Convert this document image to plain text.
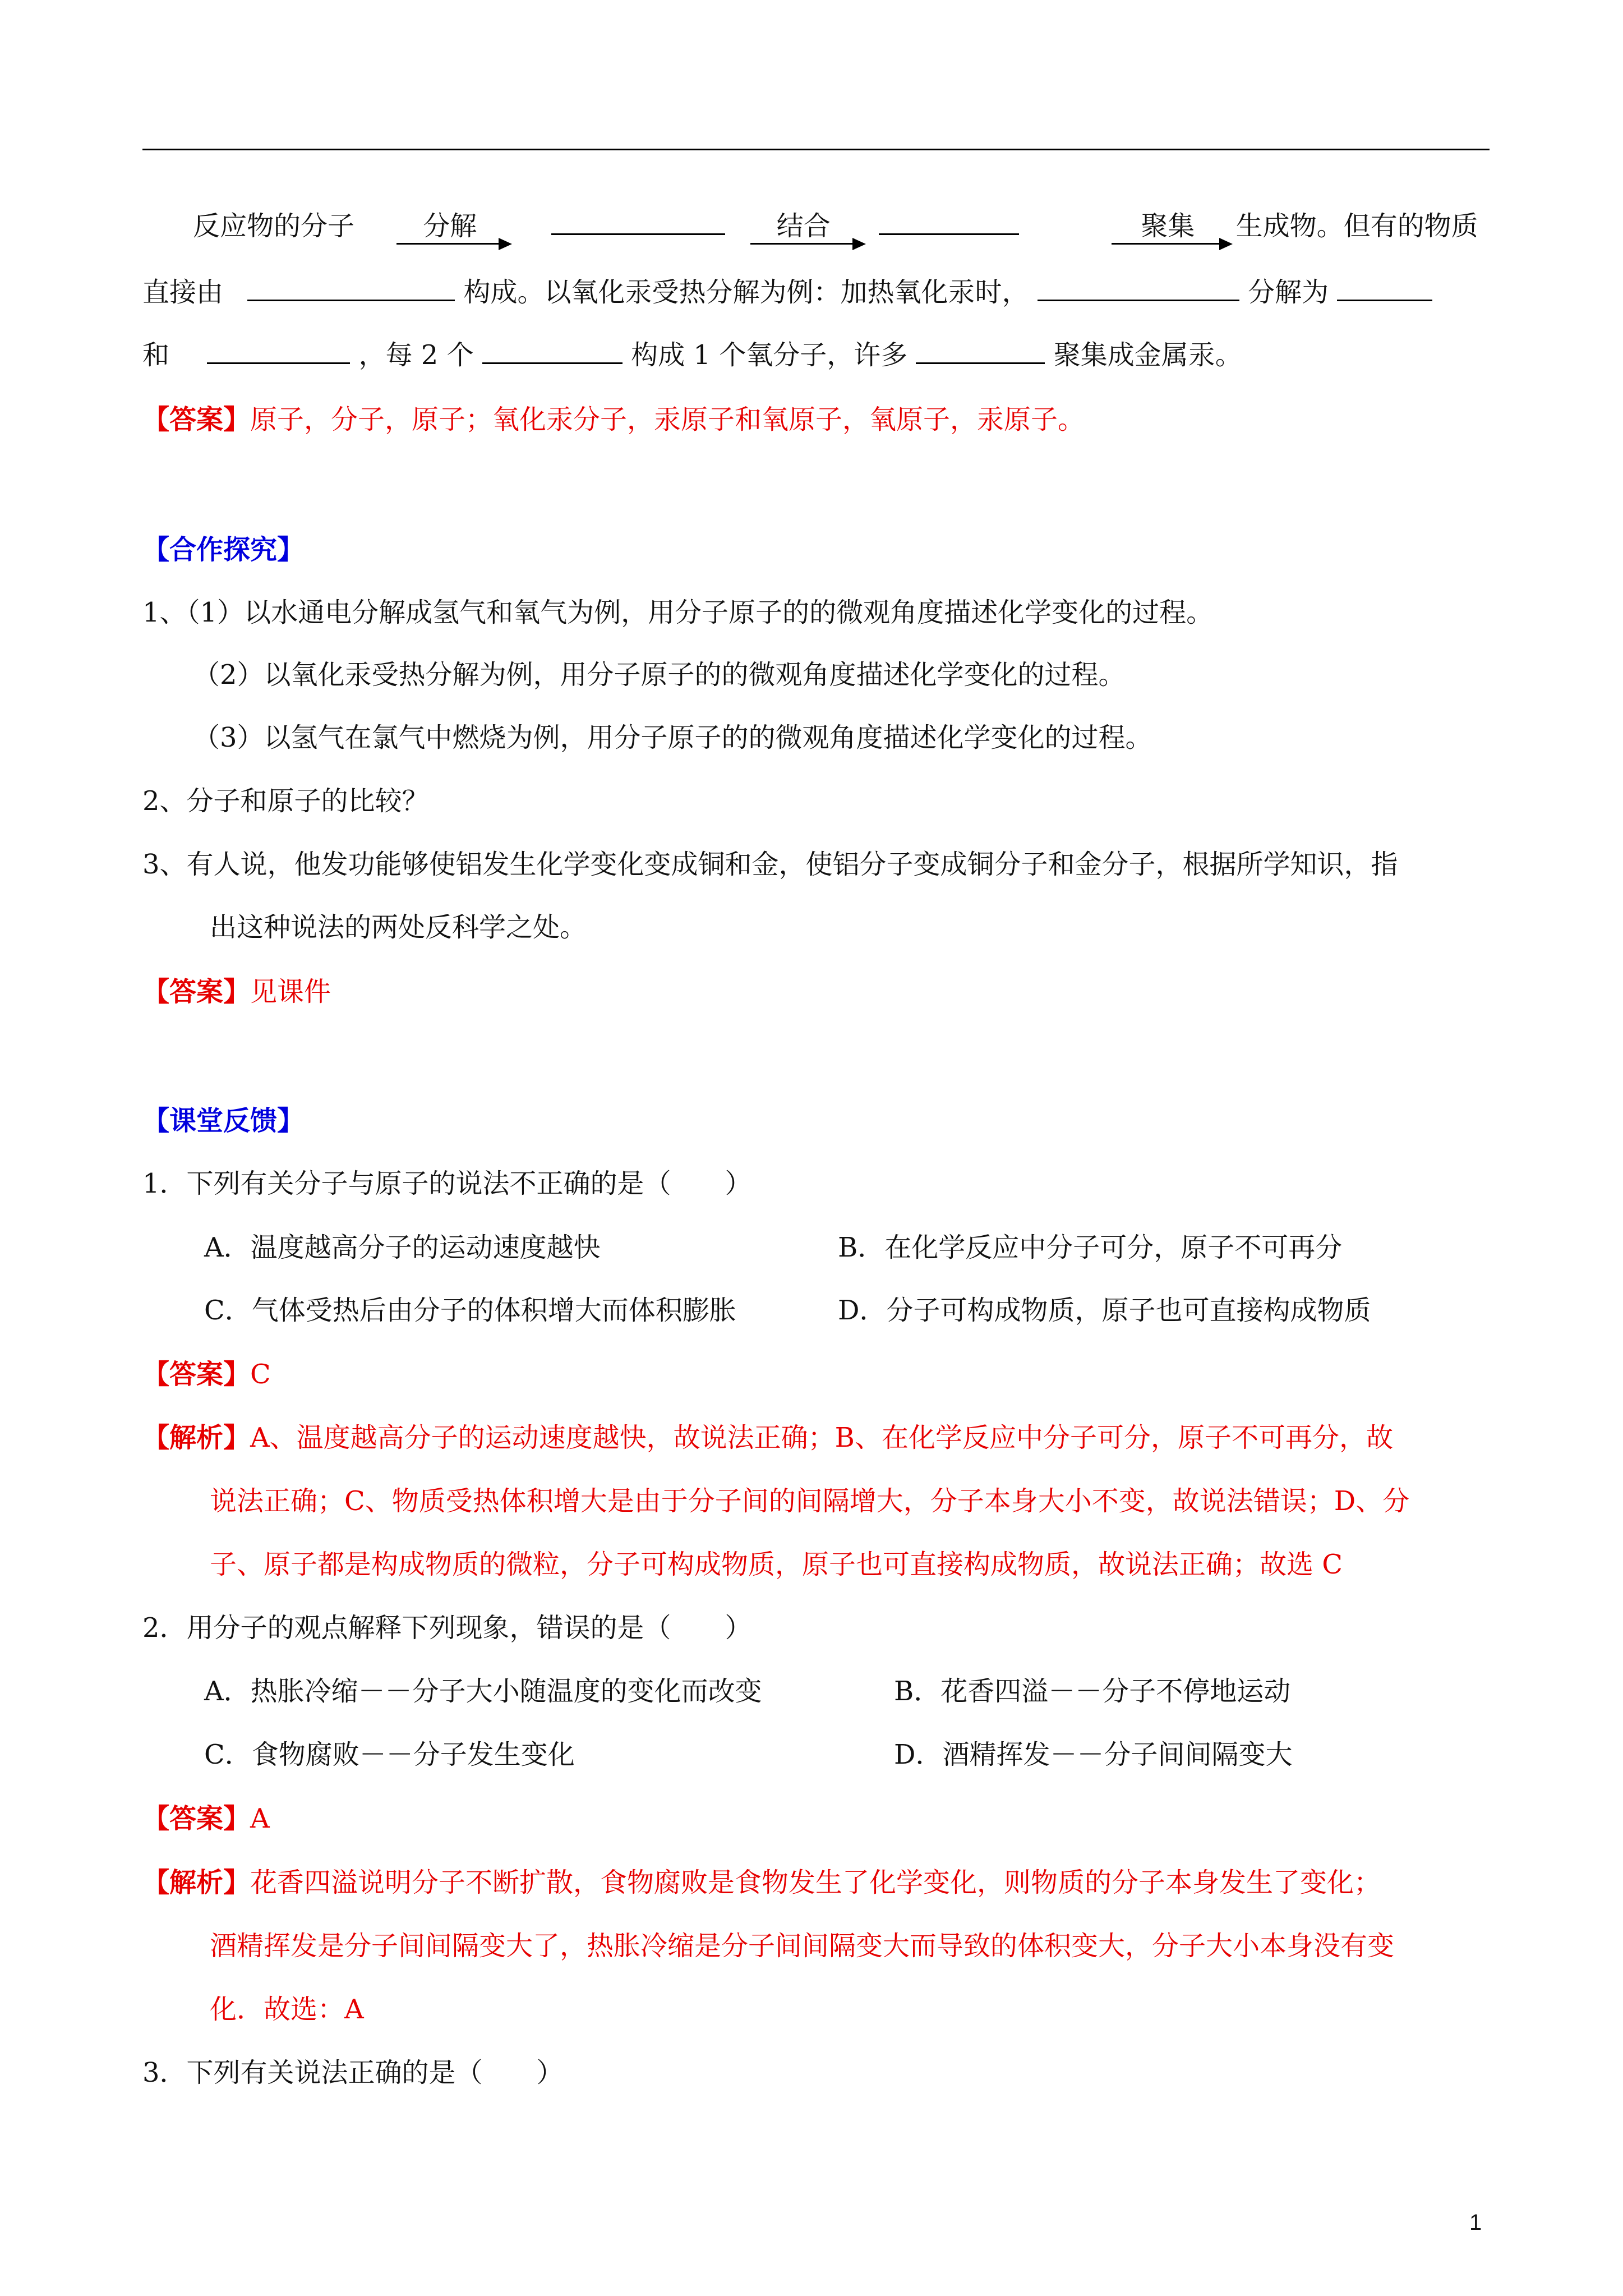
反应物的分子	分解	结合	聚集 生成物。但有的物质
直接由	构成。以氧化汞受热分解为例：加热氧化汞时，	分解为
和	，每 2 个	构成 1 个氧分子，许多	聚集成金属汞。
【答案】原子，分子，原子；氧化汞分子，汞原子和氧原子，氧原子，汞原子。
【合作探究】
1、（1）以水通电分解成氢气和氧气为例，用分子原子的的微观角度描述化学变化的过程。
（2）以氧化汞受热分解为例，用分子原子的的微观角度描述化学变化的过程。
（3）以氢气在氯气中燃烧为例，用分子原子的的微观角度描述化学变化的过程。
2、分子和原子的比较？
3、有人说，他发功能够使铝发生化学变化变成铜和金，使铝分子变成铜分子和金分子，根据所学知识，指
出这种说法的两处反科学之处。
【答案】见课件
【课堂反馈】
1．下列有关分子与原子的说法不正确的是（　　）
A．温度越高分子的运动速度越快	B．在化学反应中分子可分，原子不可再分
C．气体受热后由分子的体积增大而体积膨胀	D．分子可构成物质，原子也可直接构成物质
【答案】C
【解析】A、温度越高分子的运动速度越快，故说法正确；B、在化学反应中分子可分，原子不可再分，故
说法正确；C、物质受热体积增大是由于分子间的间隔增大，分子本身大小不变，故说法错误；D、分
子、原子都是构成物质的微粒，分子可构成物质，原子也可直接构成物质，故说法正确；故选 C
2．用分子的观点解释下列现象，错误的是（　　）
A．热胀冷缩－－分子大小随温度的变化而改变	B．花香四溢－－分子不停地运动
C．食物腐败－－分子发生变化	D．酒精挥发－－分子间间隔变大
【答案】A
【解析】花香四溢说明分子不断扩散，食物腐败是食物发生了化学变化，则物质的分子本身发生了变化；
酒精挥发是分子间间隔变大了，热胀冷缩是分子间间隔变大而导致的体积变大，分子大小本身没有变
化．故选：A
3．下列有关说法正确的是（　　）
1
